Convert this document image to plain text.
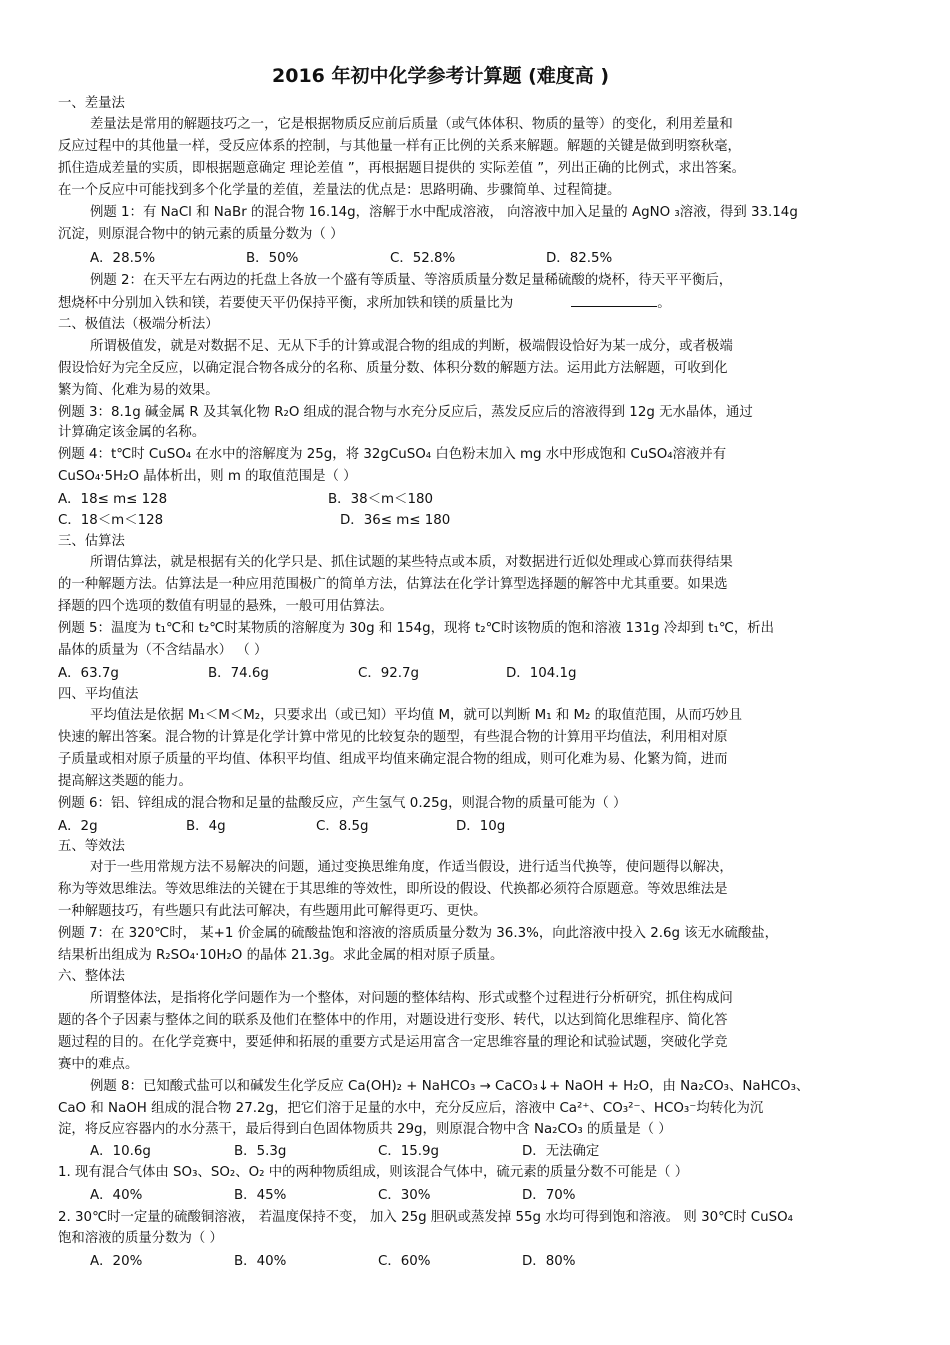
2016 年初中化学参考计算题 (难度高 )
一、差量法
差量法是常用的解题技巧之一，它是根据物质反应前后质量（或气体体积、物质的量等）的变化，利用差量和
反应过程中的其他量一样，受反应体系的控制，与其他量一样有正比例的关系来解题。解题的关键是做到明察秋毫，
抓住造成差量的实质，即根据题意确定 理论差值 ”，再根据题目提供的 实际差值 ”，列出正确的比例式，求出答案。
在一个反应中可能找到多个化学量的差值，差量法的优点是：思路明确、步骤简单、过程简捷。
例题 1：有 NaCl 和 NaBr 的混合物 16.14g，溶解于水中配成溶液， 向溶液中加入足量的 AgNO ₃溶液，得到 33.14g
沉淀，则原混合物中的钠元素的质量分数为（ ）
A．28.5%	B．50%	C．52.8%	D．82.5%
例题 2：在天平左右两边的托盘上各放一个盛有等质量、等溶质质量分数足量稀硫酸的烧杯，待天平平衡后，
想烧杯中分别加入铁和镁，若要使天平仍保持平衡，求所加铁和镁的质量比为	。
二、极值法（极端分析法）
所谓极值发，就是对数据不足、无从下手的计算或混合物的组成的判断，极端假设恰好为某一成分，或者极端
假设恰好为完全反应，以确定混合物各成分的名称、质量分数、体积分数的解题方法。运用此方法解题，可收到化
繁为简、化难为易的效果。
例题 3：8.1g 碱金属 R 及其氧化物 R₂O 组成的混合物与水充分反应后，蒸发反应后的溶液得到 12g 无水晶体，通过
计算确定该金属的名称。
例题 4：t℃时 CuSO₄ 在水中的溶解度为 25g，将 32gCuSO₄ 白色粉末加入 mg 水中形成饱和 CuSO₄溶液并有
CuSO₄·5H₂O 晶体析出，则 m 的取值范围是（ ）
A．18≤ m≤ 128	B．38＜m＜180
C．18＜m＜128	D．36≤ m≤ 180
三、估算法
所谓估算法，就是根据有关的化学只是、抓住试题的某些特点或本质，对数据进行近似处理或心算而获得结果
的一种解题方法。估算法是一种应用范围极广的简单方法，估算法在化学计算型选择题的解答中尤其重要。如果选
择题的四个选项的数值有明显的悬殊，一般可用估算法。
例题 5：温度为 t₁℃和 t₂℃时某物质的溶解度为 30g 和 154g，现将 t₂℃时该物质的饱和溶液 131g 冷却到 t₁℃，析出
晶体的质量为（不含结晶水） （ ）
A．63.7g	B．74.6g	C．92.7g	D．104.1g
四、平均值法
平均值法是依据 M₁＜M＜M₂，只要求出（或已知）平均值 M，就可以判断 M₁ 和 M₂ 的取值范围，从而巧妙且
快速的解出答案。混合物的计算是化学计算中常见的比较复杂的题型，有些混合物的计算用平均值法，利用相对原
子质量或相对原子质量的平均值、体积平均值、组成平均值来确定混合物的组成，则可化难为易、化繁为简，进而
提高解这类题的能力。
例题 6：铝、锌组成的混合物和足量的盐酸反应，产生氢气 0.25g，则混合物的质量可能为（ ）
A．2g	B．4g	C．8.5g	D．10g
五、等效法
对于一些用常规方法不易解决的问题，通过变换思维角度，作适当假设，进行适当代换等，使问题得以解决，
称为等效思维法。等效思维法的关键在于其思维的等效性，即所设的假设、代换都必须符合原题意。等效思维法是
一种解题技巧，有些题只有此法可解决，有些题用此可解得更巧、更快。
例题 7：在 320℃时， 某+1 价金属的硫酸盐饱和溶液的溶质质量分数为 36.3%，向此溶液中投入 2.6g 该无水硫酸盐，
结果析出组成为 R₂SO₄·10H₂O 的晶体 21.3g。求此金属的相对原子质量。
六、整体法
所谓整体法，是指将化学问题作为一个整体，对问题的整体结构、形式或整个过程进行分析研究，抓住构成问
题的各个子因素与整体之间的联系及他们在整体中的作用，对题设进行变形、转代，以达到简化思维程序、简化答
题过程的目的。在化学竞赛中，要延伸和拓展的重要方式是运用富含一定思维容量的理论和试验试题，突破化学竞
赛中的难点。
例题 8：已知酸式盐可以和碱发生化学反应 Ca(OH)₂ + NaHCO₃ → CaCO₃↓+ NaOH + H₂O，由 Na₂CO₃、NaHCO₃、
CaO 和 NaOH 组成的混合物 27.2g，把它们溶于足量的水中，充分反应后，溶液中 Ca²⁺、CO₃²⁻、HCO₃⁻均转化为沉
淀，将反应容器内的水分蒸干，最后得到白色固体物质共 29g，则原混合物中含 Na₂CO₃ 的质量是（ ）
A．10.6g	B．5.3g	C．15.9g	D．无法确定
1. 现有混合气体由 SO₃、SO₂、O₂ 中的两种物质组成，则该混合气体中，硫元素的质量分数不可能是（ ）
A．40%	B．45%	C．30%	D．70%
2. 30℃时一定量的硫酸铜溶液， 若温度保持不变， 加入 25g 胆矾或蒸发掉 55g 水均可得到饱和溶液。 则 30℃时 CuSO₄
饱和溶液的质量分数为（ ）
A．20%	B．40%	C．60%	D．80%
